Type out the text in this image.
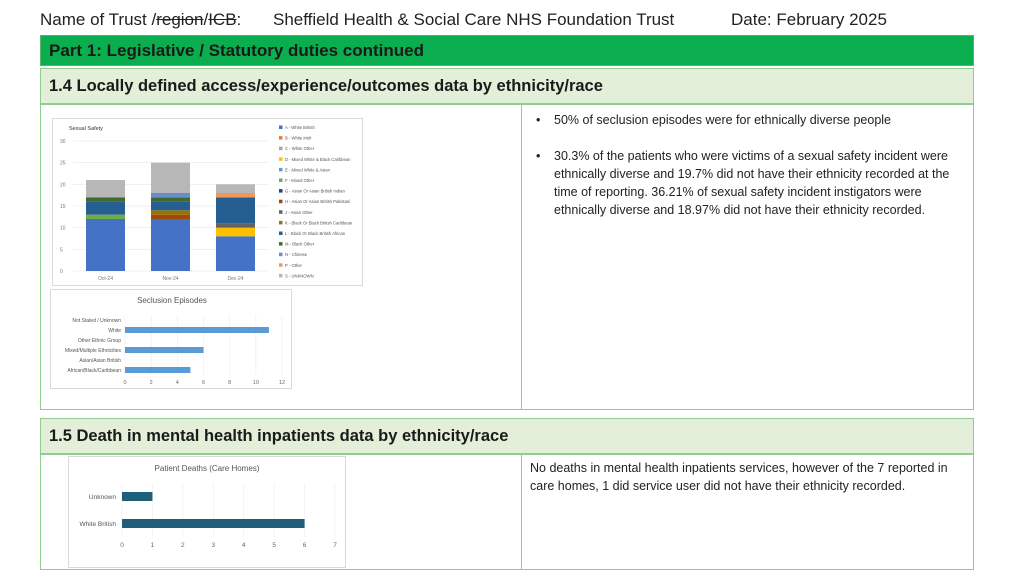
Name of Trust /region/ICB: Sheffield Health & Social Care NHS Foundation Trust	Date: February 2025
Part 1: Legislative / Statutory duties continued
1.4 Locally defined access/experience/outcomes data by ethnicity/race
• 50% of seclusion episodes were for ethnically diverse people
• 30.3% of the patients who were victims of a sexual safety incident were ethnically diverse and 19.7% did not have their ethnicity recorded at the time of reporting. 36.21% of sexual safety incident instigators were ethnically diverse and 18.97% did not have their ethnicity recorded.
Sexual Safety
0
5
10
15
20
25
30
Oct-24	Nov-24	Dec-24
A - White British
B - White Irish
C - White Other
D - Mixed White & Black Caribbean
E - Mixed White & Asian
F - Mixed Other
G - Asian Or Asian British Indian
H - Asian Or Asian British Pakistani
J - Asian Other
K - Black Or Black British Caribbean
L - Black Or Black British African
M - Black Other
N - Chinese
P - Other
S - UNKNOWN
Seclusion Episodes
0	2	4	6	8	10	12
Not Stated / Unknown
White
Other Ethnic Group
Mixed/Multiple Ethnicities
Asian/Asian British
African/Black/Caribbean
1.5 Death in mental health inpatients data by ethnicity/race

No deaths in mental health inpatients services, however of the 7 reported in care homes, 1 did service user did not have their ethnicity recorded.

Patient Deaths (Care Homes)
0	1	2	3	4	5	6	7
Unknown
White British
